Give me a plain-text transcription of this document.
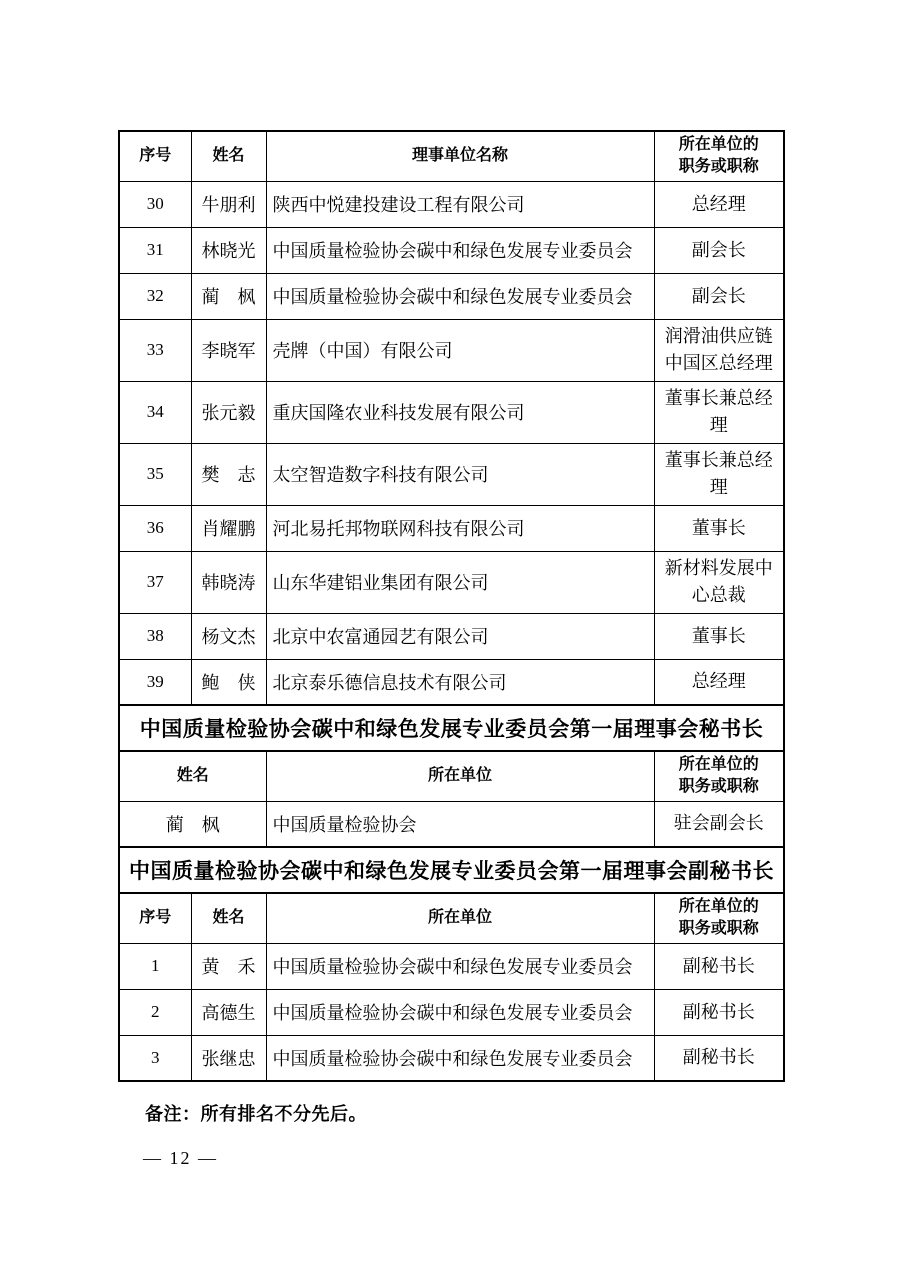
序号	姓名	理事单位名称	所在单位的
职务或职称

30	牛朋利	陕西中悦建投建设工程有限公司	总经理
31	林晓光	中国质量检验协会碳中和绿色发展专业委员会	副会长
32	蔺　枫	中国质量检验协会碳中和绿色发展专业委员会	副会长
33	李晓军	壳牌（中国）有限公司	润滑油供应链中国区总经理
34	张元毅	重庆国隆农业科技发展有限公司	董事长兼总经理
35	樊　志	太空智造数字科技有限公司	董事长兼总经理
36	肖耀鹏	河北易托邦物联网科技有限公司	董事长
37	韩晓涛	山东华建铝业集团有限公司	新材料发展中心总裁
38	杨文杰	北京中农富通园艺有限公司	董事长
39	鲍　侠	北京泰乐德信息技术有限公司	总经理
中国质量检验协会碳中和绿色发展专业委员会第一届理事会秘书长			
姓名		所在单位	所在单位的
职务或职称

蔺　枫		中国质量检验协会	驻会副会长
中国质量检验协会碳中和绿色发展专业委员会第一届理事会副秘书长			
序号	姓名	所在单位	所在单位的
职务或职称

1	黄　禾	中国质量检验协会碳中和绿色发展专业委员会	副秘书长
2	高德生	中国质量检验协会碳中和绿色发展专业委员会	副秘书长
3	张继忠	中国质量检验协会碳中和绿色发展专业委员会	副秘书长
备注：所有排名不分先后。
— 12 —
